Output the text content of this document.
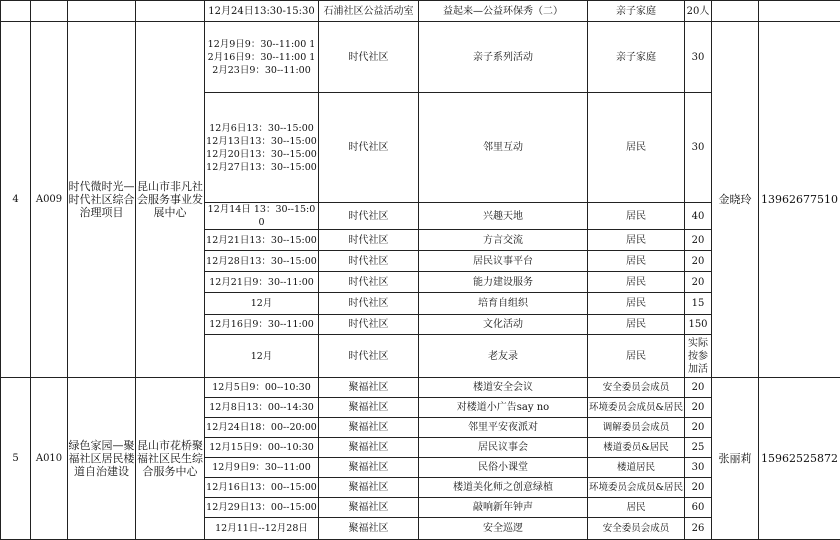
				12月24日13:30-15:30	石浦社区公益活动室	益起来—公益环保秀（二）	亲子家庭	20人		
4	A009	时代微时光—时代社区综合治理项目	昆山市非凡社会服务事业发展中心	12月9日9：30--11:00 12月16日9：30--11:00 12月23日9：30--11:00	时代社区	亲子系列活动	亲子家庭	30	金晓玲	13962677510
				12月6日13：30--15:00 12月13日13：30--15:00 12月20日13：30--15:00 12月27日13：30--15:00	时代社区	邻里互动	居民	30		
				12月14日 13：30--15:00	时代社区	兴趣天地	居民	40		
				12月21日13：30--15:00	时代社区	方言交流	居民	20		
				12月28日13：30--15:00	时代社区	居民议事平台	居民	20		
				12月21日9：30--11:00	时代社区	能力建设服务	居民	20		
				12月	时代社区	培育自组织	居民	15		
				12月16日9：30--11:00	时代社区	文化活动	居民	150		
				12月	时代社区	老友录	居民	实际按参加活		
5	A010	绿色家园—聚福社区居民楼道自治建设	昆山市花桥聚福社区民生综合服务中心	12月5日9：00--10:30	聚福社区	楼道安全会议	安全委员会成员	20	张丽莉	15962525872
				12月8日13：00--14:30	聚福社区	对楼道小广告say no	环境委员会成员&居民	20		
				12月24日18：00--20:00	聚福社区	邻里平安夜派对	调解委员会成员	20		
				12月15日9：00--10:30	聚福社区	居民议事会	楼道委员&居民	25		
				12月9日9：30--11:00	聚福社区	民俗小课堂	楼道居民	30		
				12月16日13：00--15:00	聚福社区	楼道美化师之创意绿植	环境委员会成员&居民	20		
				12月29日13：00--15:00	聚福社区	敲响新年钟声	居民	60		
				12月11日--12月28日	聚福社区	安全巡逻	安全委员会成员	26		
